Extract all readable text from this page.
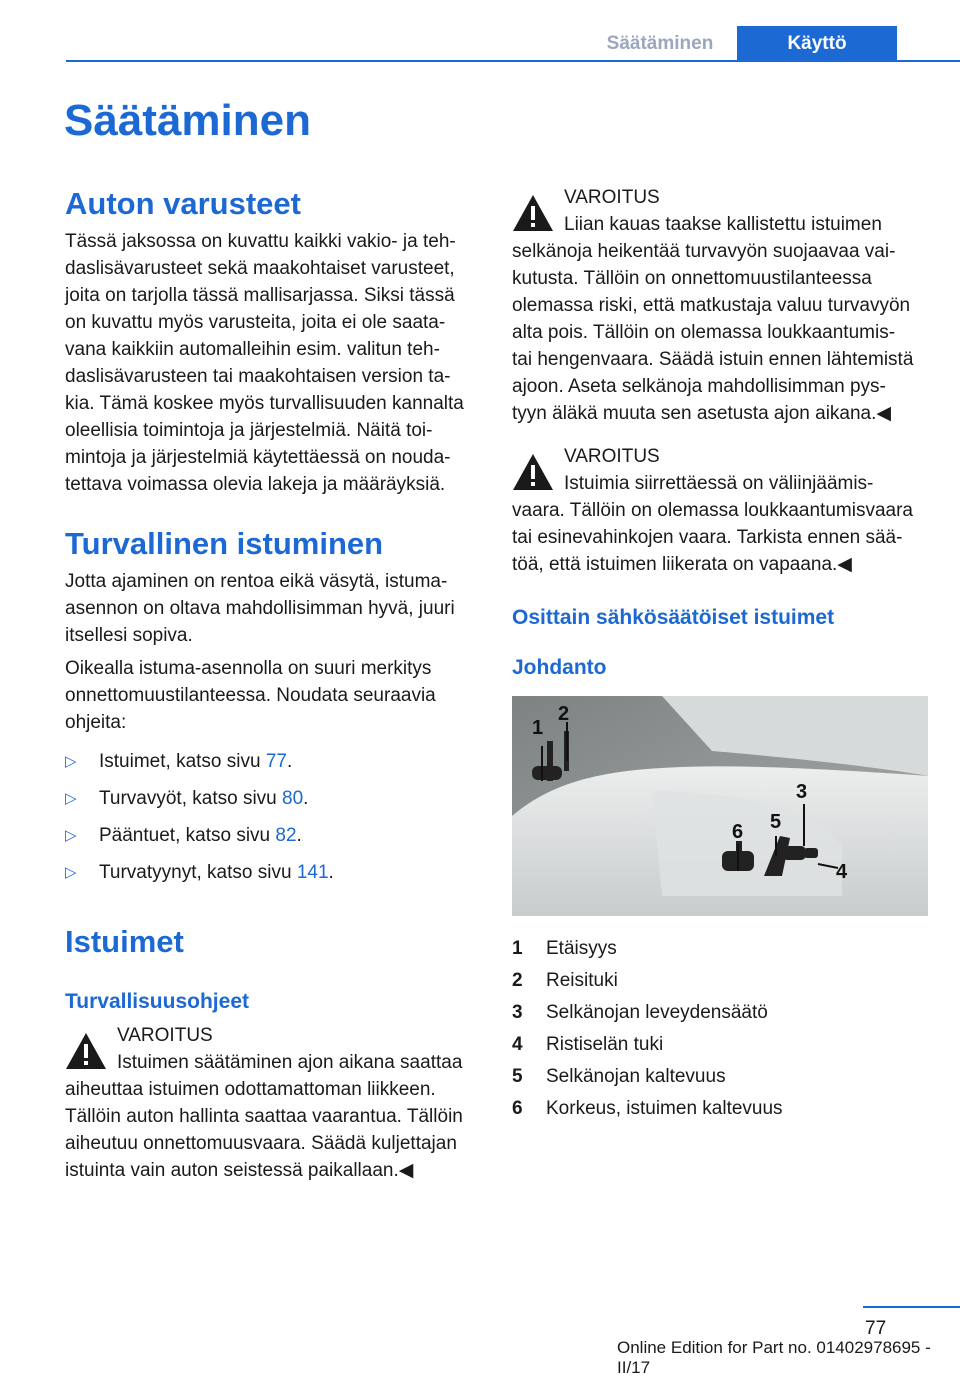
Säätäminen	Käyttö
Säätäminen
Auton varusteet

Tässä jaksossa on kuvattu kaikki vakio- ja teh-
daslisävarusteet sekä maakohtaiset varusteet,
joita on tarjolla tässä mallisarjassa. Siksi tässä
on kuvattu myös varusteita, joita ei ole saata-
vana kaikkiin automalleihin esim. valitun teh-
daslisävarusteen tai maakohtaisen version ta-
kia. Tämä koskee myös turvallisuuden kannalta
oleellisia toimintoja ja järjestelmiä. Näitä toi-
mintoja ja järjestelmiä käytettäessä on nouda-
tettava voimassa olevia lakeja ja määräyksiä.

Turvallinen istuminen

Jotta ajaminen on rentoa eikä väsytä, istuma-
asennon on oltava mahdollisimman hyvä, juuri
itsellesi sopiva.

Oikealla istuma-asennolla on suuri merkitys
onnettomuustilanteessa. Noudata seuraavia
ohjeita:

▷	Istuimet, katso sivu 77.
▷	Turvavyöt, katso sivu 80.
▷	Pääntuet, katso sivu 82.
▷	Turvatyynyt, katso sivu 141.
Istuimet
Turvallisuusohjeet

VAROITUS

Istuimen säätäminen ajon aikana saattaa

aiheuttaa istuimen odottamattoman liikkeen.
Tällöin auton hallinta saattaa vaarantua. Tällöin
aiheutuu onnettomuusvaara. Säädä kuljettajan
istuinta vain auton seistessä paikallaan.◀

VAROITUS

Liian kauas taakse kallistettu istuimen

selkänoja heikentää turvavyön suojaavaa vai-
kutusta. Tällöin on onnettomuustilanteessa
olemassa riski, että matkustaja valuu turvavyön
alta pois. Tällöin on olemassa loukkaantumis-
tai hengenvaara. Säädä istuin ennen lähtemistä
ajoon. Aseta selkänoja mahdollisimman pys-
tyyn äläkä muuta sen asetusta ajon aikana.◀

VAROITUS

Istuimia siirrettäessä on väliinjäämis-

vaara. Tällöin on olemassa loukkaantumisvaara
tai esinevahinkojen vaara. Tarkista ennen sää-
töä, että istuimen liikerata on vapaana.◀

Osittain sähkösäätöiset istuimet
Johdanto
1
2
3
4
5
6
1	Etäisyys
2	Reisituki
3	Selkänojan leveydensäätö
4	Ristiselän tuki
5	Selkänojan kaltevuus
6	Korkeus, istuimen kaltevuus
77
Online Edition for Part no. 01402978695 - II/17
